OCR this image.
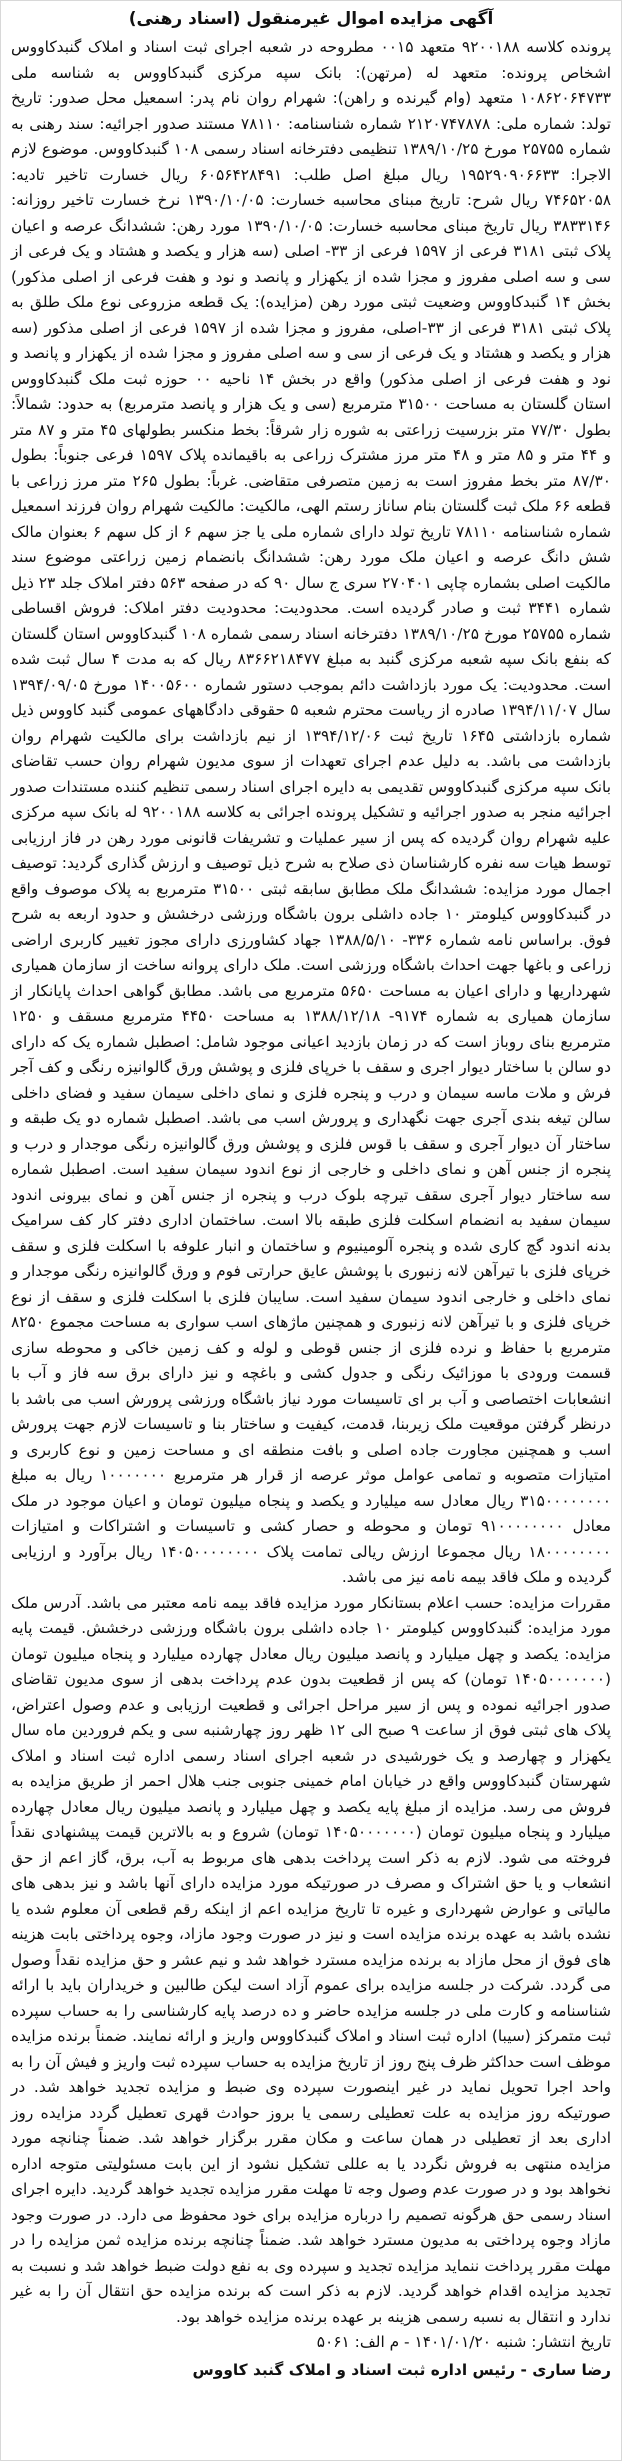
آگهی مزایده اموال غیرمنقول (اسناد رهنی)

پرونده کلاسه ۹۲۰۰۱۸۸ متعهد ۰۰۱۵ مطروحه در شعبه اجرای ثبت اسناد و املاک گنبدکاووس اشخاص پرونده: متعهد له (مرتهن): بانک سپه مرکزی گنبدکاووس به شناسه ملی ۱۰۸۶۲۰۶۴۷۳۳ متعهد (وام گیرنده و راهن): شهرام روان نام پدر: اسمعیل محل صدور: تاریخ تولد: شماره ملی: ۲۱۲۰۷۴۷۸۷۸ شماره شناسنامه: ۷۸۱۱۰ مستند صدور اجرائیه: سند رهنی به شماره ۲۵۷۵۵ مورخ ۱۳۸۹/۱۰/۲۵ تنظیمی دفترخانه اسناد رسمی ۱۰۸ گنبدکاووس. موضوع لازم الاجرا: ۱۹۵۲۹۰۹۰۶۶۳۳ ریال مبلغ اصل طلب: ۶۰۵۶۴۲۸۴۹۱ ریال خسارت تاخیر تادیه: ۷۴۶۵۲۰۵۸ ریال شرح: تاریخ مبنای محاسبه خسارت: ۱۳۹۰/۱۰/۰۵ نرخ خسارت تاخیر روزانه: ۳۸۳۳۱۴۶ ریال تاریخ مبنای محاسبه خسارت: ۱۳۹۰/۱۰/۰۵ مورد رهن: ششدانگ عرصه و اعیان پلاک ثبتی ۳۱۸۱ فرعی از ۱۵۹۷ فرعی از ۳۳- اصلی (سه هزار و یکصد و هشتاد و یک فرعی از سی و سه اصلی مفروز و مجزا شده از یکهزار و پانصد و نود و هفت فرعی از اصلی مذکور) بخش ۱۴ گنبدکاووس وضعیت ثبتی مورد رهن (مزایده): یک قطعه مزروعی نوع ملک طلق به پلاک ثبتی ۳۱۸۱ فرعی از ۳۳-اصلی، مفروز و مجزا شده از ۱۵۹۷ فرعی از اصلی مذکور (سه هزار و یکصد و هشتاد و یک فرعی از سی و سه اصلی مفروز و مجزا شده از یکهزار و پانصد و نود و هفت فرعی از اصلی مذکور) واقع در بخش ۱۴ ناحیه ۰۰ حوزه ثبت ملک گنبدکاووس استان گلستان به مساحت ۳۱۵۰۰ مترمربع (سی و یک هزار و پانصد مترمربع) به حدود: شمالاً: بطول ۷۷/۳۰ متر بزرسیت زراعتی به شوره زار شرقاً: بخط منکسر بطولهای ۴۵ متر و ۸۷ متر و ۴۴ متر و ۸۵ متر و ۴۸ متر مرز مشترک زراعی به باقیمانده پلاک ۱۵۹۷ فرعی جنوباً: بطول ۸۷/۳۰ متر بخط مفروز است به زمین متصرفی متقاضی. غرباً: بطول ۲۶۵ متر مرز زراعی با قطعه ۶۶ ملک ثبت گلستان بنام ساناز رستم الهی، مالکیت: مالکیت شهرام روان فرزند اسمعیل شماره شناسنامه ۷۸۱۱۰ تاریخ تولد دارای شماره ملی یا جز سهم ۶ از کل سهم ۶ بعنوان مالک شش دانگ عرصه و اعیان ملک مورد رهن: ششدانگ بانضمام زمین زراعتی موضوع سند مالکیت اصلی بشماره چاپی ۲۷۰۴۰۱ سری ج سال ۹۰ که در صفحه ۵۶۳ دفتر املاک جلد ۲۳ ذیل شماره ۳۴۴۱ ثبت و صادر گردیده است. محدودیت: محدودیت دفتر املاک: فروش اقساطی شماره ۲۵۷۵۵ مورخ ۱۳۸۹/۱۰/۲۵ دفترخانه اسناد رسمی شماره ۱۰۸ گنبدکاووس استان گلستان که بنفع بانک سپه شعبه مرکزی گنبد به مبلغ ۸۳۶۶۲۱۸۴۷۷ ریال که به مدت ۴ سال ثبت شده است. محدودیت: یک مورد بازداشت دائم بموجب دستور شماره ۱۴۰۰۵۶۰۰ مورخ ۱۳۹۴/۰۹/۰۵ سال ۱۳۹۴/۱۱/۰۷ صادره از ریاست محترم شعبه ۵ حقوقی دادگاههای عمومی گنبد کاووس ذیل شماره بازداشتی ۱۶۴۵ تاریخ ثبت ۱۳۹۴/۱۲/۰۶ از نیم بازداشت برای مالکیت شهرام روان بازداشت می باشد. به دلیل عدم اجرای تعهدات از سوی مدیون شهرام روان حسب تقاضای بانک سپه مرکزی گنبدکاووس تقدیمی به دایره اجرای اسناد رسمی تنظیم کننده مستندات صدور اجرائیه منجر به صدور اجرائیه و تشکیل پرونده اجرائی به کلاسه ۹۲۰۰۱۸۸ له بانک سپه مرکزی علیه شهرام روان گردیده که پس از سیر عملیات و تشریفات قانونی مورد رهن در فاز ارزیابی توسط هیات سه نفره کارشناسان ذی صلاح به شرح ذیل توصیف و ارزش گذاری گردید: توصیف اجمال مورد مزایده: ششدانگ ملک مطابق سابقه ثبتی ۳۱۵۰۰ مترمربع به پلاک موصوف واقع در گنبدکاووس کیلومتر ۱۰ جاده داشلی برون باشگاه ورزشی درخشش و حدود اربعه به شرح فوق. براساس نامه شماره ۳۳۶- ۱۳۸۸/۵/۱۰ جهاد کشاورزی دارای مجوز تغییر کاربری اراضی زراعی و باغها جهت احداث باشگاه ورزشی است. ملک دارای پروانه ساخت از سازمان همیاری شهرداریها و دارای اعیان به مساحت ۵۶۵۰ مترمربع می باشد. مطابق گواهی احداث پایانکار از سازمان همیاری به شماره ۹۱۷۴- ۱۳۸۸/۱۲/۱۸ به مساحت ۴۴۵۰ مترمربع مسقف و ۱۲۵۰ مترمربع بنای روباز است که در زمان بازدید اعیانی موجود شامل: اصطبل شماره یک که دارای دو سالن با ساختار دیوار اجری و سقف با خرپای فلزی و پوشش ورق گالوانیزه رنگی و کف آجر فرش و ملات ماسه سیمان و درب و پنجره فلزی و نمای داخلی سیمان سفید و فضای داخلی سالن تیغه بندی آجری جهت نگهداری و پرورش اسب می باشد. اصطبل شماره دو یک طبقه و ساختار آن دیوار آجری و سقف با قوس فلزی و پوشش ورق گالوانیزه رنگی موجدار و درب و پنجره از جنس آهن و نمای داخلی و خارجی از نوع اندود سیمان سفید است. اصطبل شماره سه ساختار دیوار آجری سقف تیرچه بلوک درب و پنجره از جنس آهن و نمای بیرونی اندود سیمان سفید به انضمام اسکلت فلزی طبقه بالا است. ساختمان اداری دفتر کار کف سرامیک بدنه اندود گچ کاری شده و پنجره آلومینیوم و ساختمان و انبار علوفه با اسکلت فلزی و سقف خرپای فلزی با تیرآهن لانه زنبوری با پوشش عایق حرارتی فوم و ورق گالوانیزه رنگی موجدار و نمای داخلی و خارجی اندود سیمان سفید است. سایبان فلزی با اسکلت فلزی و سقف از نوع خرپای فلزی و با تیرآهن لانه زنبوری و همچنین ماژهای اسب سواری به مساحت مجموع ۸۲۵۰ مترمربع با حفاظ و نرده فلزی از جنس قوطی و لوله و کف زمین خاکی و محوطه سازی قسمت ورودی با موزائیک رنگی و جدول کشی و باغچه و نیز دارای برق سه فاز و آب با انشعابات اختصاصی و آب بر ای تاسیسات مورد نیاز باشگاه ورزشی پرورش اسب می باشد با درنظر گرفتن موقعیت ملک زیربنا، قدمت، کیفیت و ساختار بنا و تاسیسات لازم جهت پرورش اسب و همچنین مجاورت جاده اصلی و بافت منطقه ای و مساحت زمین و نوع کاربری و امتیازات متصوبه و تمامی عوامل موثر عرصه از قرار هر مترمربع ۱۰۰۰۰۰۰۰ ریال به مبلغ ۳۱۵۰۰۰۰۰۰۰۰ ریال معادل سه میلیارد و یکصد و پنجاه میلیون تومان و اعیان موجود در ملک معادل ۹۱۰۰۰۰۰۰۰۰ تومان و محوطه و حصار کشی و تاسیسات و اشتراکات و امتیازات ۱۸۰۰۰۰۰۰۰۰ ریال مجموعا ارزش ریالی تمامت پلاک ۱۴۰۵۰۰۰۰۰۰۰۰ ریال برآورد و ارزیابی گردیده و ملک فاقد بیمه نامه نیز می باشد.

مقررات مزایده: حسب اعلام بستانکار مورد مزایده فاقد بیمه نامه معتبر می باشد. آدرس ملک مورد مزایده: گنبدکاووس کیلومتر ۱۰ جاده داشلی برون باشگاه ورزشی درخشش. قیمت پایه مزایده: یکصد و چهل میلیارد و پانصد میلیون ریال معادل چهارده میلیارد و پنجاه میلیون تومان (۱۴۰۵۰۰۰۰۰۰۰ تومان) که پس از قطعیت بدون عدم پرداخت بدهی از سوی مدیون تقاضای صدور اجرائیه نموده و پس از سیر مراحل اجرائی و قطعیت ارزیابی و عدم وصول اعتراض، پلاک های ثبتی فوق از ساعت ۹ صبح الی ۱۲ ظهر روز چهارشنبه سی و یکم فروردین ماه سال یکهزار و چهارصد و یک خورشیدی در شعبه اجرای اسناد رسمی اداره ثبت اسناد و املاک شهرستان گنبدکاووس واقع در خیابان امام خمینی جنوبی جنب هلال احمر از طریق مزایده به فروش می رسد. مزایده از مبلغ پایه یکصد و چهل میلیارد و پانصد میلیون ریال معادل چهارده میلیارد و پنجاه میلیون تومان (۱۴۰۵۰۰۰۰۰۰۰ تومان) شروع و به بالاترین قیمت پیشنهادی نقداً فروخته می شود. لازم به ذکر است پرداخت بدهی های مربوط به آب، برق، گاز اعم از حق انشعاب و یا حق اشتراک و مصرف در صورتیکه مورد مزایده دارای آنها باشد و نیز بدهی های مالیاتی و عوارض شهرداری و غیره تا تاریخ مزایده اعم از اینکه رقم قطعی آن معلوم شده یا نشده باشد به عهده برنده مزایده است و نیز در صورت وجود مازاد، وجوه پرداختی بابت هزینه های فوق از محل مازاد به برنده مزایده مسترد خواهد شد و نیم عشر و حق مزایده نقداً وصول می گردد. شرکت در جلسه مزایده برای عموم آزاد است لیکن طالبین و خریداران باید با ارائه شناسنامه و کارت ملی در جلسه مزایده حاضر و ده درصد پایه کارشناسی را به حساب سپرده ثبت متمرکز (سیبا) اداره ثبت اسناد و املاک گنبدکاووس واریز و ارائه نمایند. ضمناً برنده مزایده موظف است حداکثر ظرف پنج روز از تاریخ مزایده به حساب سپرده ثبت واریز و فیش آن را به واحد اجرا تحویل نماید در غیر اینصورت سپرده وی ضبط و مزایده تجدید خواهد شد. در صورتیکه روز مزایده به علت تعطیلی رسمی یا بروز حوادث قهری تعطیل گردد مزایده روز اداری بعد از تعطیلی در همان ساعت و مکان مقرر برگزار خواهد شد. ضمناً چنانچه مورد مزایده منتهی به فروش نگردد یا به عللی تشکیل نشود از این بابت مسئولیتی متوجه اداره نخواهد بود و در صورت عدم وصول وجه تا مهلت مقرر مزایده تجدید خواهد گردید. دایره اجرای اسناد رسمی حق هرگونه تصمیم را درباره مزایده برای خود محفوظ می دارد. در صورت وجود مازاد وجوه پرداختی به مدیون مسترد خواهد شد. ضمناً چنانچه برنده مزایده ثمن مزایده را در مهلت مقرر پرداخت ننماید مزایده تجدید و سپرده وی به نفع دولت ضبط خواهد شد و نسبت به تجدید مزایده اقدام خواهد گردید. لازم به ذکر است که برنده مزایده حق انتقال آن را به غیر ندارد و انتقال به نسبه رسمی هزینه بر عهده برنده مزایده خواهد بود.

تاریخ انتشار: شنبه ۱۴۰۱/۰۱/۲۰ - م الف: ۵۰۶۱

رضا ساری - رئیس اداره ثبت اسناد و املاک گنبد کاووس
